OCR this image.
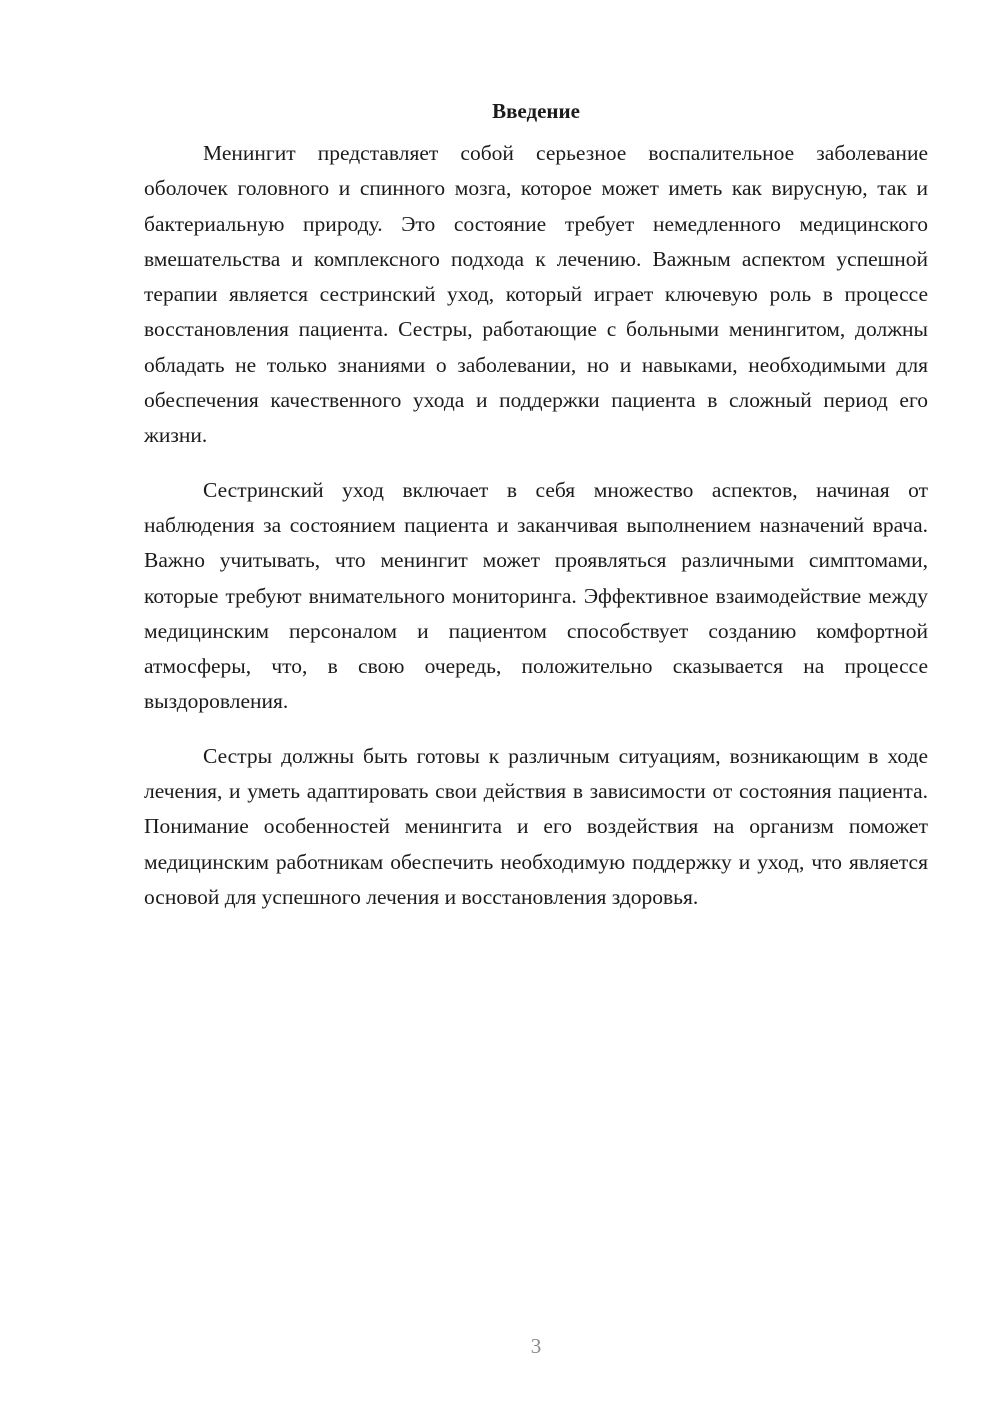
Введение

Менингит представляет собой серьезное воспалительное заболевание оболочек головного и спинного мозга, которое может иметь как вирусную, так и бактериальную природу. Это состояние требует немедленного медицинского вмешательства и комплексного подхода к лечению. Важным аспектом успешной терапии является сестринский уход, который играет ключевую роль в процессе восстановления пациента. Сестры, работающие с больными менингитом, должны обладать не только знаниями о заболевании, но и навыками, необходимыми для обеспечения качественного ухода и поддержки пациента в сложный период его жизни.

Сестринский уход включает в себя множество аспектов, начиная от наблюдения за состоянием пациента и заканчивая выполнением назначений врача. Важно учитывать, что менингит может проявляться различными симптомами, которые требуют внимательного мониторинга. Эффективное взаимодействие между медицинским персоналом и пациентом способствует созданию комфортной атмосферы, что, в свою очередь, положительно сказывается на процессе выздоровления.

Сестры должны быть готовы к различным ситуациям, возникающим в ходе лечения, и уметь адаптировать свои действия в зависимости от состояния пациента. Понимание особенностей менингита и его воздействия на организм поможет медицинским работникам обеспечить необходимую поддержку и уход, что является основой для успешного лечения и восстановления здоровья.

3
